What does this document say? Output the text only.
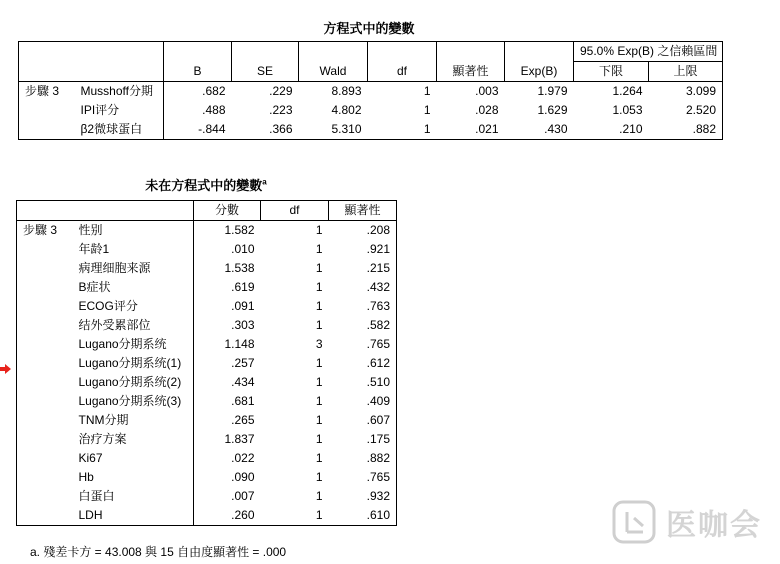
方程式中的變數
		B	SE	Wald	df	顯著性	Exp(B)	95.0% Exp(B) 之信賴區間	
								下限	上限
步驟 3	Musshoff分期	.682	.229	8.893	1	.003	1.979	1.264	3.099
	IPI评分	.488	.223	4.802	1	.028	1.629	1.053	2.520
	β2微球蛋白	-.844	.366	5.310	1	.021	.430	.210	.882
未在方程式中的變數$^a$
		分數	df	顯著性
步驟 3	性别	1.582	1	.208
	年龄1	.010	1	.921
	病理细胞来源	1.538	1	.215
	B症状	.619	1	.432
	ECOG评分	.091	1	.763
	结外受累部位	.303	1	.582
	Lugano分期系统	1.148	3	.765
	Lugano分期系统(1)	.257	1	.612
	Lugano分期系统(2)	.434	1	.510
	Lugano分期系统(3)	.681	1	.409
	TNM分期	.265	1	.607
	治疗方案	1.837	1	.175
	Ki67	.022	1	.882
	Hb	.090	1	.765
	白蛋白	.007	1	.932
	LDH	.260	1	.610
a. 殘差卡方 = 43.008 與 15 自由度顯著性 = .000
医咖会
